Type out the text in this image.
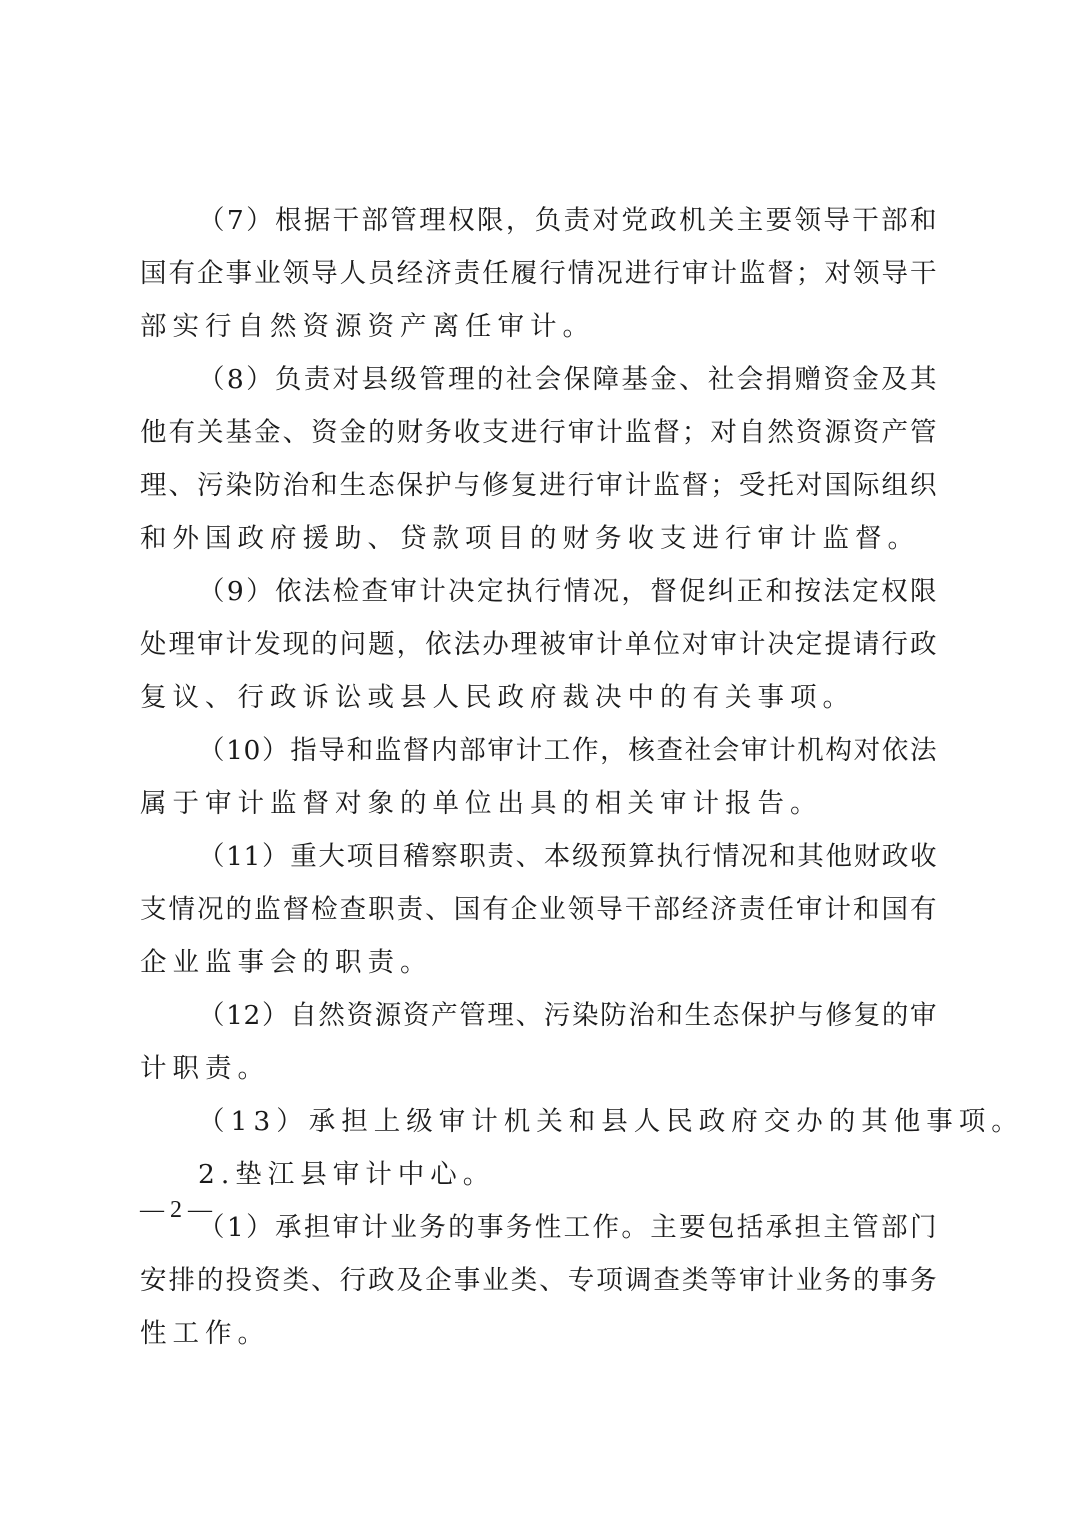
（7）根据干部管理权限，负责对党政机关主要领导干部和
国有企事业领导人员经济责任履行情况进行审计监督；对领导干
部实行自然资源资产离任审计。
（8）负责对县级管理的社会保障基金、社会捐赠资金及其
他有关基金、资金的财务收支进行审计监督；对自然资源资产管
理、污染防治和生态保护与修复进行审计监督；受托对国际组织
和外国政府援助、贷款项目的财务收支进行审计监督。
（9）依法检查审计决定执行情况，督促纠正和按法定权限
处理审计发现的问题，依法办理被审计单位对审计决定提请行政
复议、行政诉讼或县人民政府裁决中的有关事项。
（10）指导和监督内部审计工作，核查社会审计机构对依法
属于审计监督对象的单位出具的相关审计报告。
（11）重大项目稽察职责、本级预算执行情况和其他财政收
支情况的监督检查职责、国有企业领导干部经济责任审计和国有
企业监事会的职责。
（12）自然资源资产管理、污染防治和生态保护与修复的审
计职责。
（13）承担上级审计机关和县人民政府交办的其他事项。
2.垫江县审计中心。
（1）承担审计业务的事务性工作。主要包括承担主管部门
安排的投资类、行政及企事业类、专项调查类等审计业务的事务
性工作。
— 2 —
